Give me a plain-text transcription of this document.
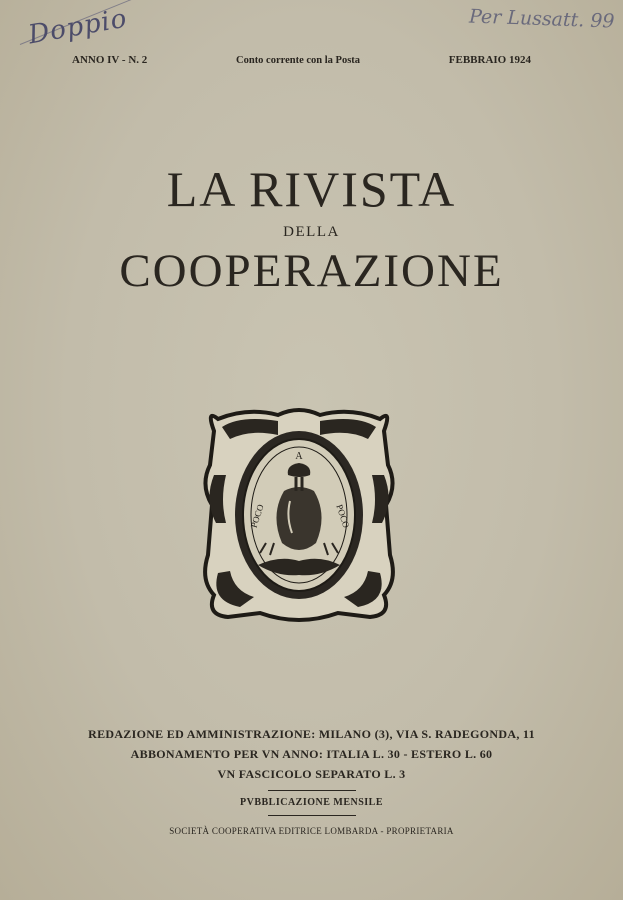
Doppio	Per Lussatt. 99
ANNO IV - N. 2	Conto corrente con la Posta	FEBBRAIO 1924
LA RIVISTA
DELLA
COOPERAZIONE
A
POCO	POCO
REDAZIONE ED AMMINISTRAZIONE: MILANO (3), VIA S. RADEGONDA, 11
ABBONAMENTO PER VN ANNO: ITALIA L. 30 - ESTERO L. 60
VN FASCICOLO SEPARATO L. 3
PVBBLICAZIONE MENSILE
SOCIETÀ COOPERATIVA EDITRICE LOMBARDA - PROPRIETARIA
